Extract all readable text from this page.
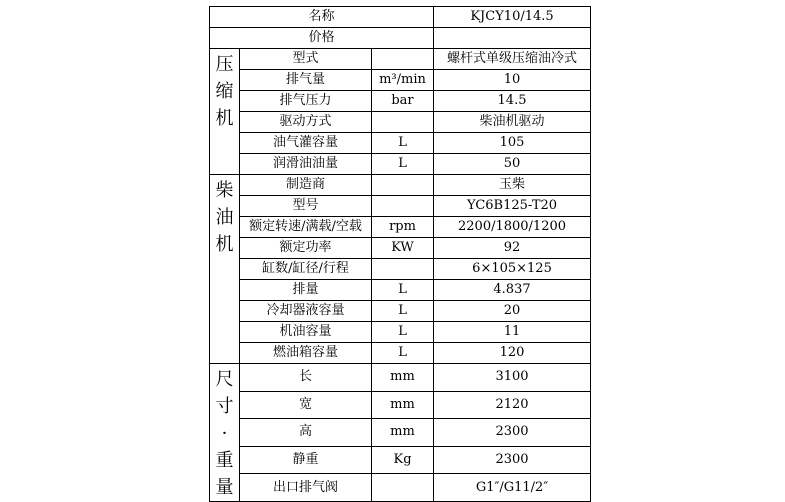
名称			KJCY10/14.5
价格			

压
缩
机	型式		螺杆式单级压缩油冷式
	排气量	m³/min	10
	排气压力	bar	14.5
	驱动方式		柴油机驱动
	油气灌容量	L	105
	润滑油油量	L	50

柴
油
机	制造商		玉柴
	型号		YC6B125-T20
	额定转速/满载/空载	rpm	2200/1800/1200
	额定功率	KW	92
	缸数/缸径/行程		6×105×125
	排量	L	4.837
	冷却器液容量	L	20
	机油容量	L	11
	燃油箱容量	L	120

尺
寸
·
重
量	长	mm	3100
	宽	mm	2120
	高	mm	2300
	静重	Kg	2300
	出口排气阀		G1″/G11/2″
